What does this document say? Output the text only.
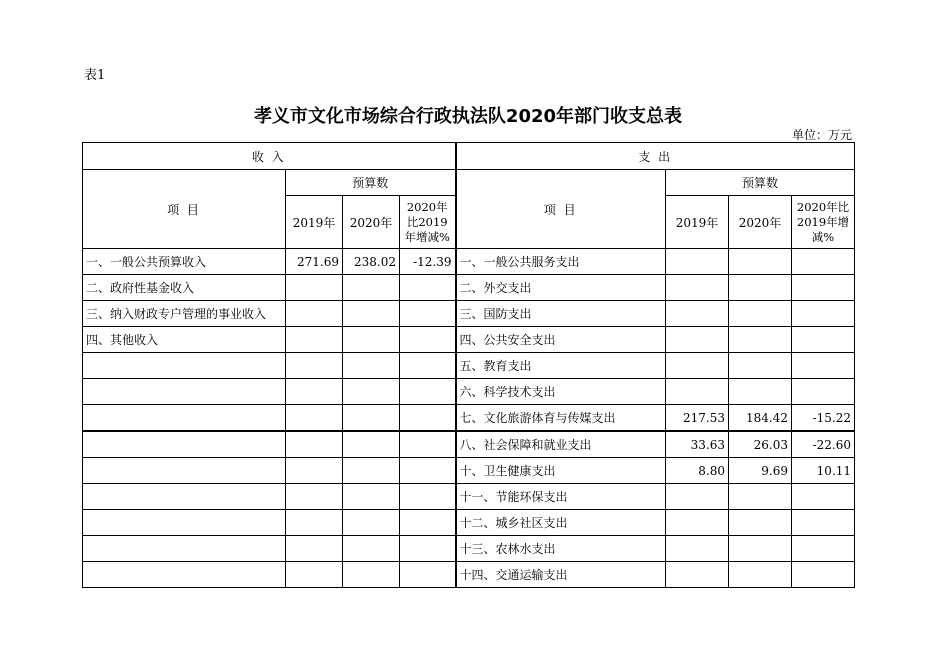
表1
孝义市文化市场综合行政执法队2020年部门收支总表
单位：万元
收 入				支 出			
项 目	预算数			项 目	预算数		
	2019年	2020年	2020年比2019年增减%		2019年	2020年	2020年比2019年增减%
一、一般公共预算收入	271.69	238.02	-12.39	一、一般公共服务支出			
二、政府性基金收入				二、外交支出			
三、纳入财政专户管理的事业收入				三、国防支出			
四、其他收入				四、公共安全支出			
				五、教育支出			
				六、科学技术支出			
				七、文化旅游体育与传媒支出	217.53	184.42	-15.22
				八、社会保障和就业支出	33.63	26.03	-22.60
				十、卫生健康支出	8.80	9.69	10.11
				十一、节能环保支出			
				十二、城乡社区支出			
				十三、农林水支出			
				十四、交通运输支出			
